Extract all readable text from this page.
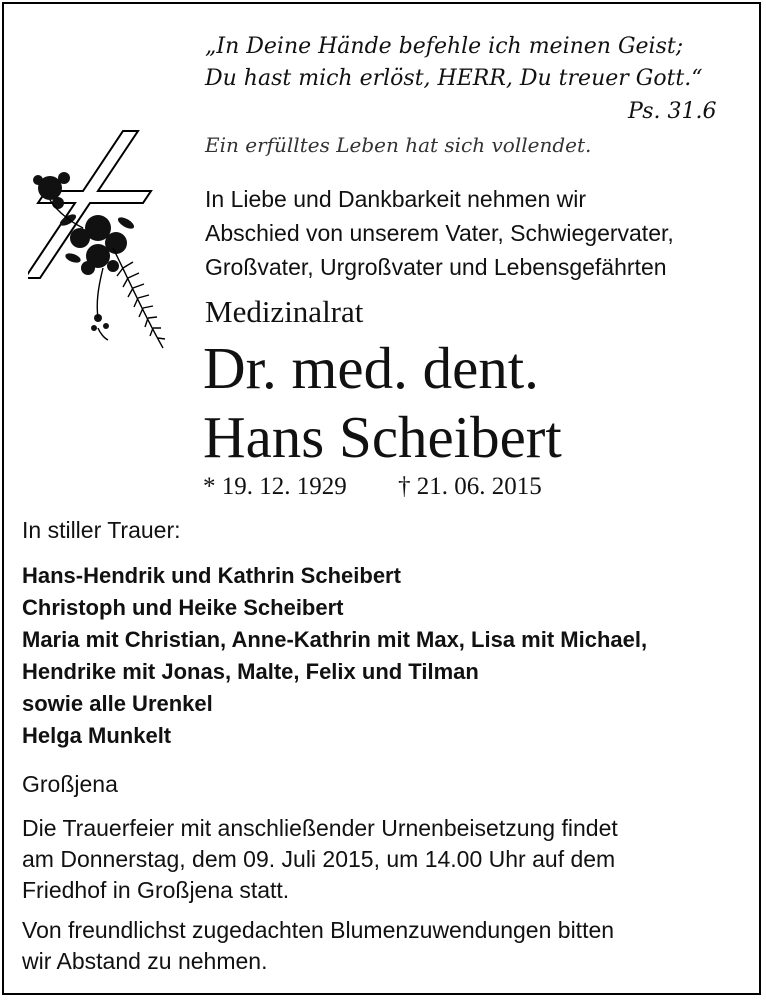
„In Deine Hände befehle ich meinen Geist;

Du hast mich erlöst, HERR, Du treuer Gott.“

Ps. 31.6

Ein erfülltes Leben hat sich vollendet.

In Liebe und Dankbarkeit nehmen wir

Abschied von unserem Vater, Schwiegervater,

Großvater, Urgroßvater und Lebensgefährten

Medizinalrat

Dr. med. dent.

Hans Scheibert

* 19. 12. 1929 † 21. 06. 2015

In stiller Trauer:

Hans-Hendrik und Kathrin Scheibert

Christoph und Heike Scheibert

Maria mit Christian, Anne-Kathrin mit Max, Lisa mit Michael,

Hendrike mit Jonas, Malte, Felix und Tilman

sowie alle Urenkel

Helga Munkelt

Großjena

Die Trauerfeier mit anschließender Urnenbeisetzung findet

am Donnerstag, dem 09. Juli 2015, um 14.00 Uhr auf dem

Friedhof in Großjena statt.

Von freundlichst zugedachten Blumenzuwendungen bitten

wir Abstand zu nehmen.
